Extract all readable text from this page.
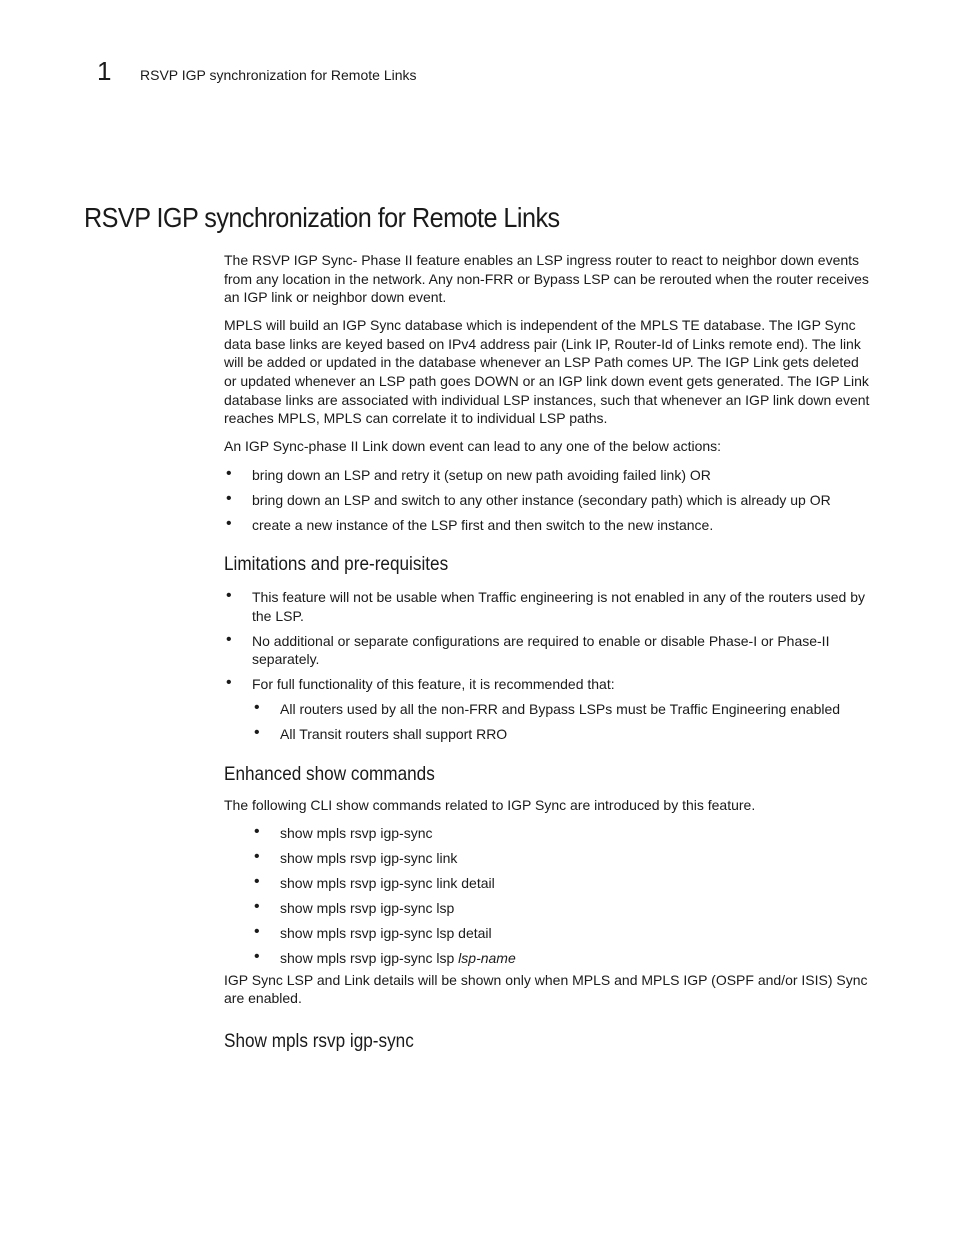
1 RSVP IGP synchronization for Remote Links
RSVP IGP synchronization for Remote Links

The RSVP IGP Sync- Phase II feature enables an LSP ingress router to react to neighbor down events from any location in the network. Any non-FRR or Bypass LSP can be rerouted when the router receives an IGP link or neighbor down event.

MPLS will build an IGP Sync database which is independent of the MPLS TE database. The IGP Sync data base links are keyed based on IPv4 address pair (Link IP, Router-Id of Links remote end). The link will be added or updated in the database whenever an LSP Path comes UP. The IGP Link gets deleted or updated whenever an LSP path goes DOWN or an IGP link down event gets generated. The IGP Link database links are associated with individual LSP instances, such that whenever an IGP link down event reaches MPLS, MPLS can correlate it to individual LSP paths.

An IGP Sync-phase II Link down event can lead to any one of the below actions:

• bring down an LSP and retry it (setup on new path avoiding failed link) OR
• bring down an LSP and switch to any other instance (secondary path) which is already up OR
• create a new instance of the LSP first and then switch to the new instance.
Limitations and pre-requisites
• This feature will not be usable when Traffic engineering is not enabled in any of the routers used by the LSP.
• No additional or separate configurations are required to enable or disable Phase-I or Phase-II separately.
• For full functionality of this feature, it is recommended that:
• All routers used by all the non-FRR and Bypass LSPs must be Traffic Engineering enabled
• All Transit routers shall support RRO
Enhanced show commands

The following CLI show commands related to IGP Sync are introduced by this feature.

• show mpls rsvp igp-sync
• show mpls rsvp igp-sync link
• show mpls rsvp igp-sync link detail
• show mpls rsvp igp-sync lsp
• show mpls rsvp igp-sync lsp detail
• show mpls rsvp igp-sync lsp lsp-name

IGP Sync LSP and Link details will be shown only when MPLS and MPLS IGP (OSPF and/or ISIS) Sync are enabled.

Show mpls rsvp igp-sync
